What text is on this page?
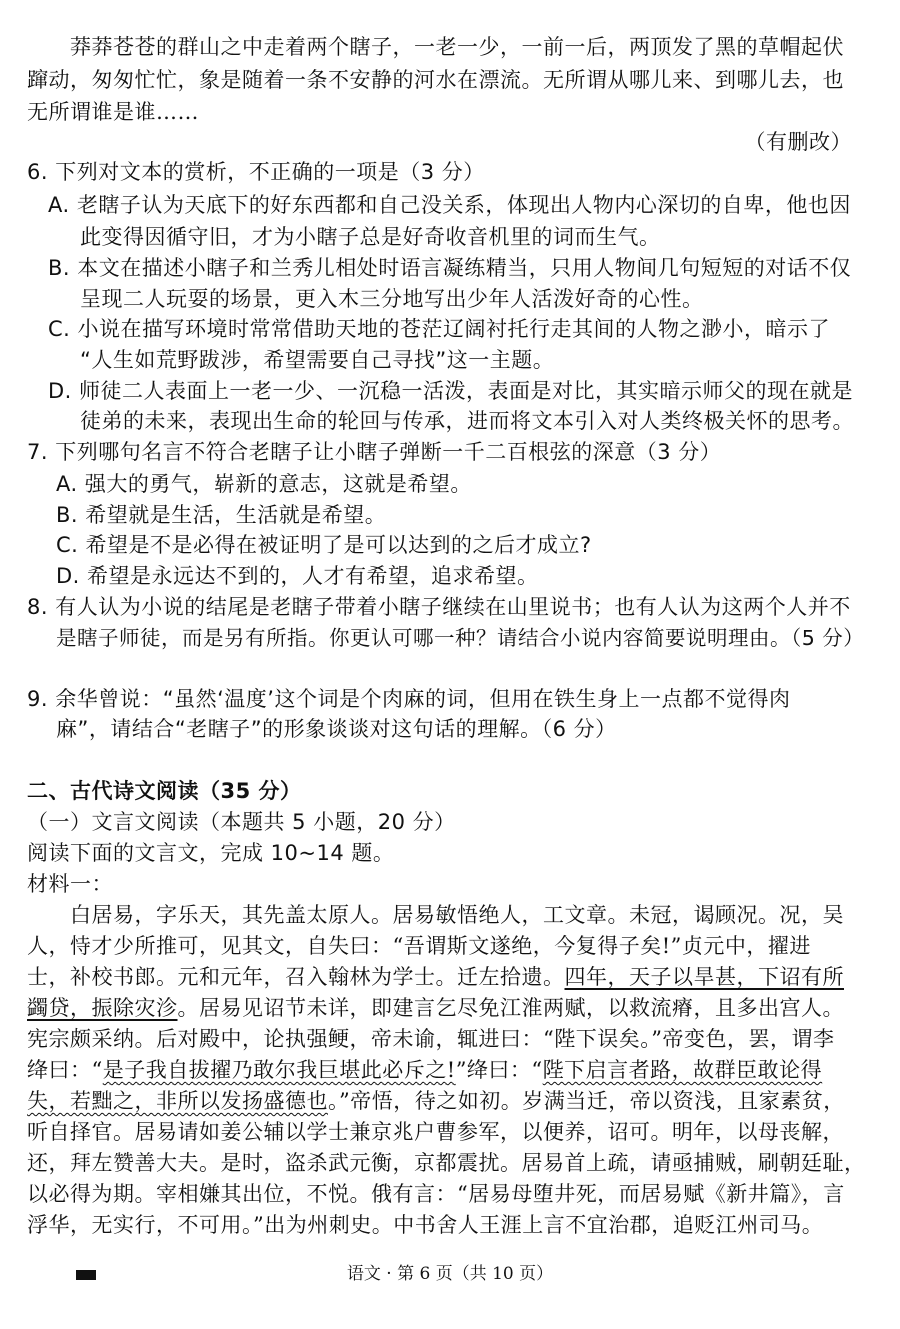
莽莽苍苍的群山之中走着两个瞎子，一老一少，一前一后，两顶发了黑的草帽起伏
蹿动，匆匆忙忙，象是随着一条不安静的河水在漂流。无所谓从哪儿来、到哪儿去，也
无所谓谁是谁……
（有删改）
6. 下列对文本的赏析，不正确的一项是（3 分）
A. 老瞎子认为天底下的好东西都和自己没关系，体现出人物内心深切的自卑，他也因
此变得因循守旧，才为小瞎子总是好奇收音机里的词而生气。
B. 本文在描述小瞎子和兰秀儿相处时语言凝练精当，只用人物间几句短短的对话不仅
呈现二人玩耍的场景，更入木三分地写出少年人活泼好奇的心性。
C. 小说在描写环境时常常借助天地的苍茫辽阔衬托行走其间的人物之渺小，暗示了
“人生如荒野跋涉，希望需要自己寻找”这一主题。
D. 师徒二人表面上一老一少、一沉稳一活泼，表面是对比，其实暗示师父的现在就是
徒弟的未来，表现出生命的轮回与传承，进而将文本引入对人类终极关怀的思考。
7. 下列哪句名言不符合老瞎子让小瞎子弹断一千二百根弦的深意（3 分）
A. 强大的勇气，崭新的意志，这就是希望。
B. 希望就是生活，生活就是希望。
C. 希望是不是必得在被证明了是可以达到的之后才成立?
D. 希望是永远达不到的，人才有希望，追求希望。
8. 有人认为小说的结尾是老瞎子带着小瞎子继续在山里说书；也有人认为这两个人并不
是瞎子师徒，而是另有所指。你更认可哪一种？请结合小说内容简要说明理由。（5 分）
9. 余华曾说：“虽然‘温度’这个词是个肉麻的词，但用在铁生身上一点都不觉得肉
麻”，请结合“老瞎子”的形象谈谈对这句话的理解。（6 分）
二、古代诗文阅读（35 分）
（一）文言文阅读（本题共 5 小题，20 分）
阅读下面的文言文，完成 10~14 题。
材料一：
白居易，字乐天，其先盖太原人。居易敏悟绝人，工文章。未冠，谒顾况。况，吴
人，恃才少所推可，见其文，自失曰：“吾谓斯文遂绝，今复得子矣!”贞元中，擢进
士，补校书郎。元和元年，召入翰林为学士。迁左拾遗。四年，天子以旱甚，下诏有所
蠲贷，振除灾沴。居易见诏节未详，即建言乞尽免江淮两赋，以救流瘠，且多出宫人。
宪宗颇采纳。后对殿中，论执强鲠，帝未谕，辄进曰：“陛下误矣。”帝变色，罢，谓李
绛曰：“是子我自拔擢乃敢尔我巨堪此必斥之!”绛曰：“陛下启言者路，故群臣敢论得
失，若黜之，非所以发扬盛德也。”帝悟，待之如初。岁满当迁，帝以资浅，且家素贫，
听自择官。居易请如姜公辅以学士兼京兆户曹参军，以便养，诏可。明年，以母丧解，
还，拜左赞善大夫。是时，盗杀武元衡，京都震扰。居易首上疏，请亟捕贼，刷朝廷耻，
以必得为期。宰相嫌其出位，不悦。俄有言：“居易母堕井死，而居易赋《新井篇》，言
浮华，无实行，不可用。”出为州刺史。中书舍人王涯上言不宜治郡，追贬江州司马。
语文 · 第 6 页（共 10 页）
